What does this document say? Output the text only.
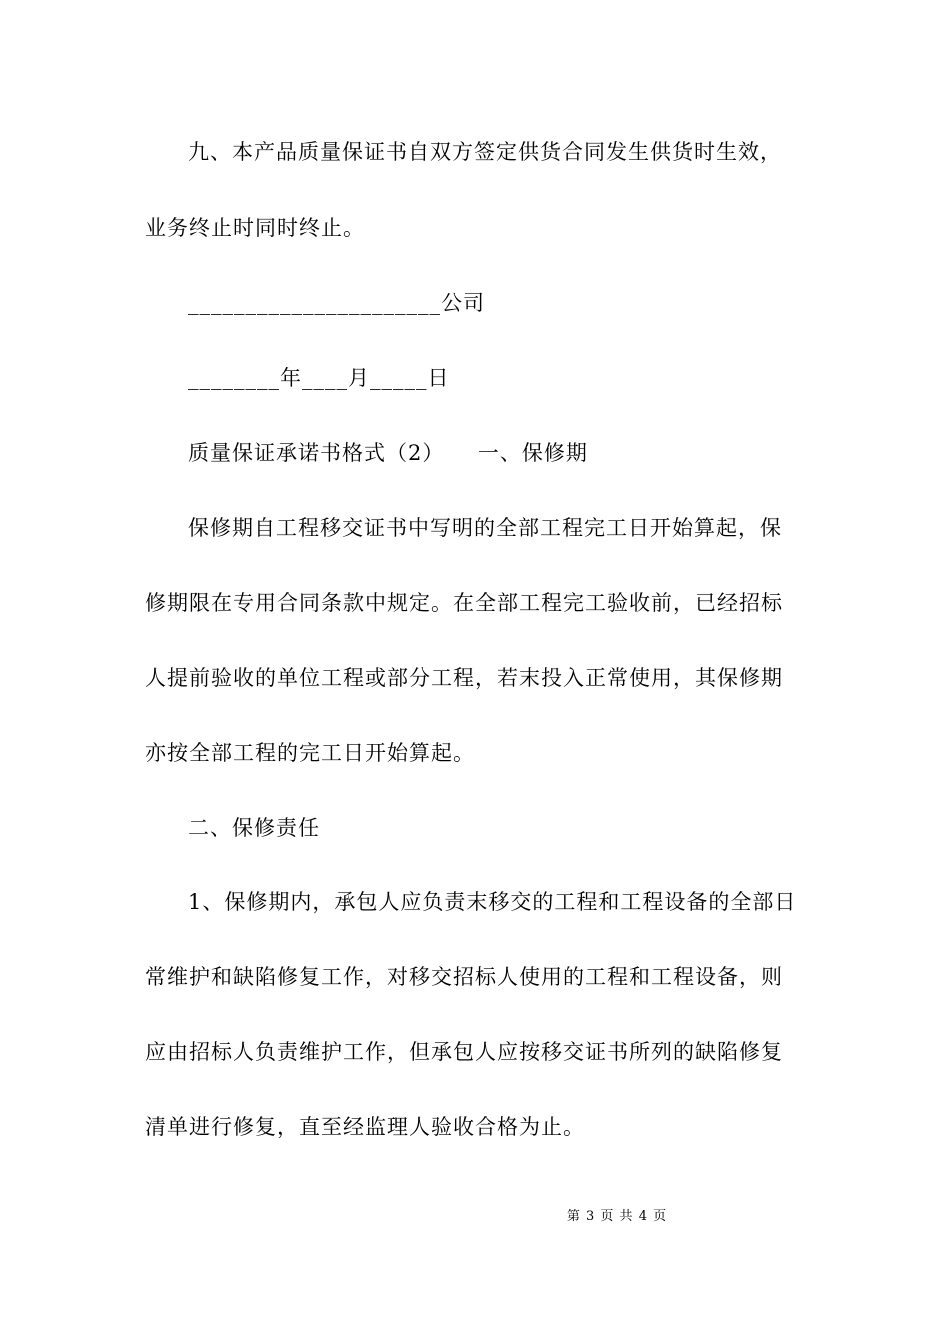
九、本产品质量保证书自双方签定供货合同发生供货时生效，
业务终止时同时终止。
______________________公司
________年____月_____日
质量保证承诺书格式（2）　　一、保修期
保修期自工程移交证书中写明的全部工程完工日开始算起，保
修期限在专用合同条款中规定。在全部工程完工验收前，已经招标
人提前验收的单位工程或部分工程，若末投入正常使用，其保修期
亦按全部工程的完工日开始算起。
二、保修责任
1、保修期内，承包人应负责末移交的工程和工程设备的全部日
常维护和缺陷修复工作，对移交招标人使用的工程和工程设备，则
应由招标人负责维护工作，但承包人应按移交证书所列的缺陷修复
清单进行修复，直至经监理人验收合格为止。
第 3 页 共 4 页
